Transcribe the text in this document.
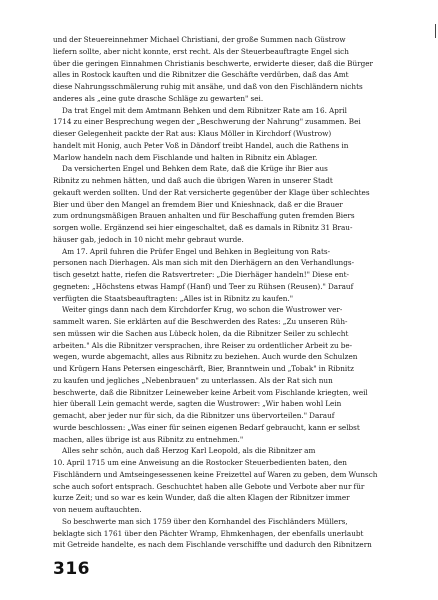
und der Steuereinnehmer Michael Christiani, der große Summen nach Güstrow
liefern sollte, aber nicht konnte, erst recht. Als der Steuerbeauftragte Engel sich
über die geringen Einnahmen Christianis beschwerte, erwiderte dieser, daß die Bürger
alles in Rostock kauften und die Ribnitzer die Geschäfte verdürben, daß das Amt
diese Nahrungsschmälerung ruhig mit ansähe, und daß von den Fischländern nichts
anderes als „eine gute drasche Schläge zu gewarten" sei.
Da trat Engel mit dem Amtmann Behken und dem Ribnitzer Rate am 16. April
1714 zu einer Besprechung wegen der „Beschwerung der Nahrung" zusammen. Bei
dieser Gelegenheit packte der Rat aus: Klaus Möller in Kirchdorf (Wustrow)
handelt mit Honig, auch Peter Voß in Dändorf treibt Handel, auch die Rathens in
Marlow handeln nach dem Fischlande und halten in Ribnitz ein Ablager.
Da versicherten Engel und Behken dem Rate, daß die Krüge ihr Bier aus
Ribnitz zu nehmen hätten, und daß auch die übrigen Waren in unserer Stadt
gekauft werden sollten. Und der Rat versicherte gegenüber der Klage über schlechtes
Bier und über den Mangel an fremdem Bier und Knieshnack, daß er die Brauer
zum ordnungsmäßigen Brauen anhalten und für Beschaffung guten fremden Biers
sorgen wolle. Ergänzend sei hier eingeschaltet, daß es damals in Ribnitz 31 Brau-
häuser gab, jedoch in 10 nicht mehr gebraut wurde.
Am 17. April fuhren die Prüfer Engel und Behken in Begleitung von Rats-
personen nach Dierhagen. Als man sich mit den Dierhägern an den Verhandlungs-
tisch gesetzt hatte, riefen die Ratsvertreter: „Die Dierhäger handeln!" Diese ent-
gegneten: „Höchstens etwas Hampf (Hanf) und Teer zu Rühsen (Reusen)." Darauf
verfügten die Staatsbeauftragten: „Alles ist in Ribnitz zu kaufen."
Weiter gings dann nach dem Kirchdorfer Krug, wo schon die Wustrower ver-
sammelt waren. Sie erklärten auf die Beschwerden des Rates: „Zu unseren Rüh-
sen müssen wir die Sachen aus Lübeck holen, da die Ribnitzer Seiler zu schlecht
arbeiten." Als die Ribnitzer versprachen, ihre Reiser zu ordentlicher Arbeit zu be-
wegen, wurde abgemacht, alles aus Ribnitz zu beziehen. Auch wurde den Schulzen
und Krügern Hans Petersen eingeschärft, Bier, Branntwein und „Tobak" in Ribnitz
zu kaufen und jegliches „Nebenbrauen" zu unterlassen. Als der Rat sich nun
beschwerte, daß die Ribnitzer Leineweber keine Arbeit vom Fischlande kriegten, weil
hier überall Lein gemacht werde, sagten die Wustrower: „Wir haben wohl Lein
gemacht, aber jeder nur für sich, da die Ribnitzer uns übervorteilen." Darauf
wurde beschlossen: „Was einer für seinen eigenen Bedarf gebraucht, kann er selbst
machen, alles übrige ist aus Ribnitz zu entnehmen."
Alles sehr schön, auch daß Herzog Karl Leopold, als die Ribnitzer am
10. April 1715 um eine Anweisung an die Rostocker Steuerbedienten baten, den
Fischländern und Amtseingesessenen keine Freizettel auf Waren zu geben, dem Wunsch
sche auch sofort entsprach. Geschuchtet haben alle Gebote und Verbote aber nur für
kurze Zeit; und so war es kein Wunder, daß die alten Klagen der Ribnitzer immer
von neuem auftauchten.
So beschwerte man sich 1759 über den Kornhandel des Fischländers Müllers,
beklagte sich 1761 über den Pächter Wramp, Ehmkenhagen, der ebenfalls unerlaubt
mit Getreide handelte, es nach dem Fischlande verschiffte und dadurch den Ribnitzern
316
